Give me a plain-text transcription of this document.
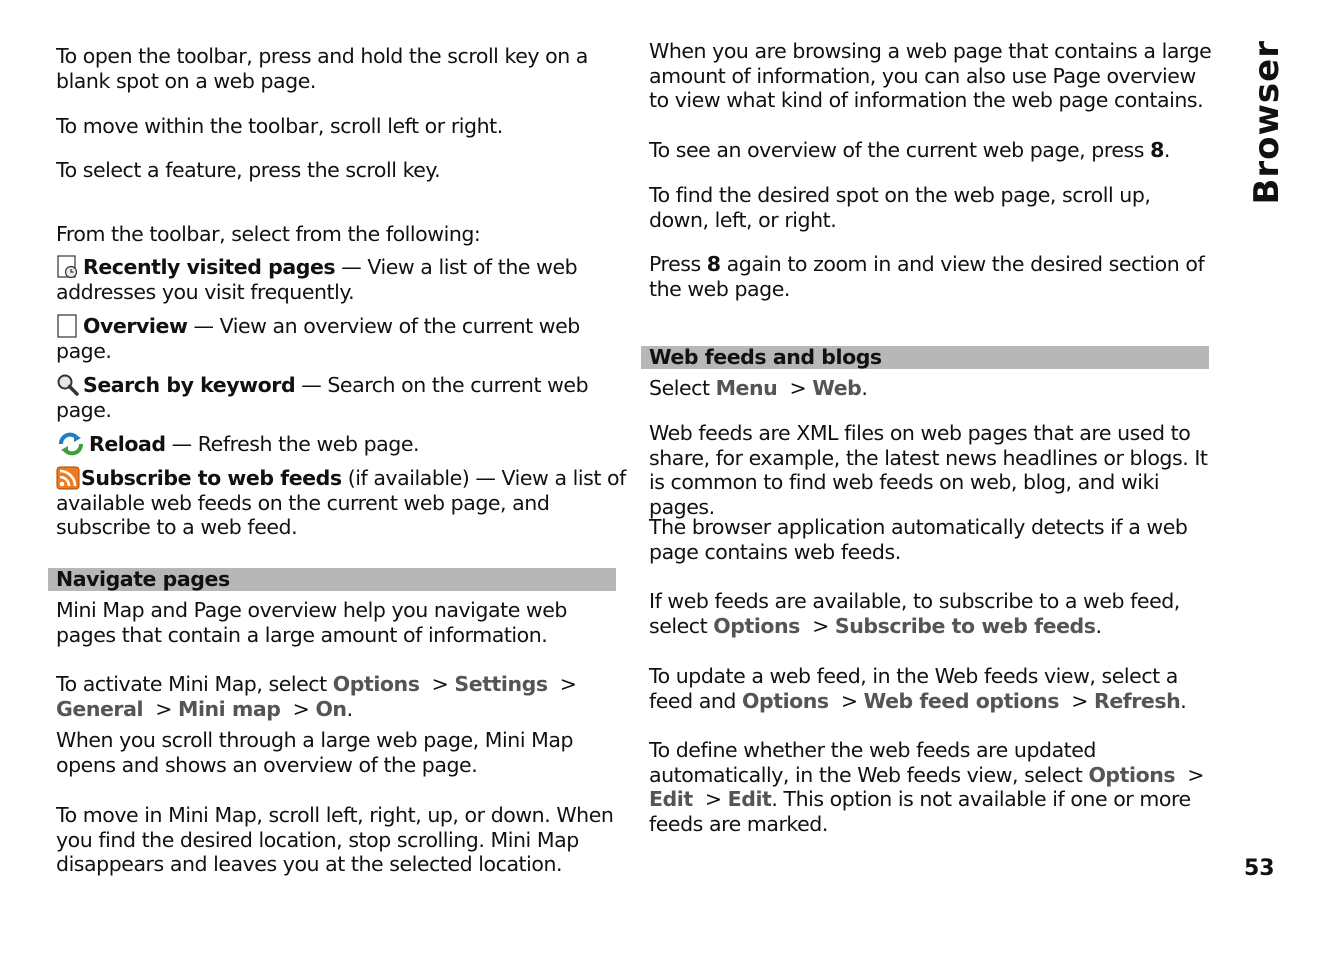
To open the toolbar, press and hold the scroll key on a blank spot on a web page.

To move within the toolbar, scroll left or right.

To select a feature, press the scroll key.

From the toolbar, select from the following:

Recently visited pages — View a list of the web addresses you visit frequently.

Overview — View an overview of the current web page.

Search by keyword — Search on the current web page.

Reload — Refresh the web page.

Subscribe to web feeds (if available) — View a list of available web feeds on the current web page, and subscribe to a web feed.

Navigate pages

Mini Map and Page overview help you navigate web pages that contain a large amount of information.

To activate Mini Map, select Options > Settings > General > Mini map > On.

When you scroll through a large web page, Mini Map opens and shows an overview of the page.

To move in Mini Map, scroll left, right, up, or down. When you find the desired location, stop scrolling. Mini Map disappears and leaves you at the selected location.

When you are browsing a web page that contains a large amount of information, you can also use Page overview to view what kind of information the web page contains.

To see an overview of the current web page, press 8.

To find the desired spot on the web page, scroll up, down, left, or right.

Press 8 again to zoom in and view the desired section of the web page.

Web feeds and blogs

Select Menu > Web.

Web feeds are XML files on web pages that are used to share, for example, the latest news headlines or blogs. It is common to find web feeds on web, blog, and wiki pages.

The browser application automatically detects if a web page contains web feeds.

If web feeds are available, to subscribe to a web feed, select Options > Subscribe to web feeds.

To update a web feed, in the Web feeds view, select a feed and Options > Web feed options > Refresh.

To define whether the web feeds are updated automatically, in the Web feeds view, select Options > Edit > Edit. This option is not available if one or more feeds are marked.

Browser
53
